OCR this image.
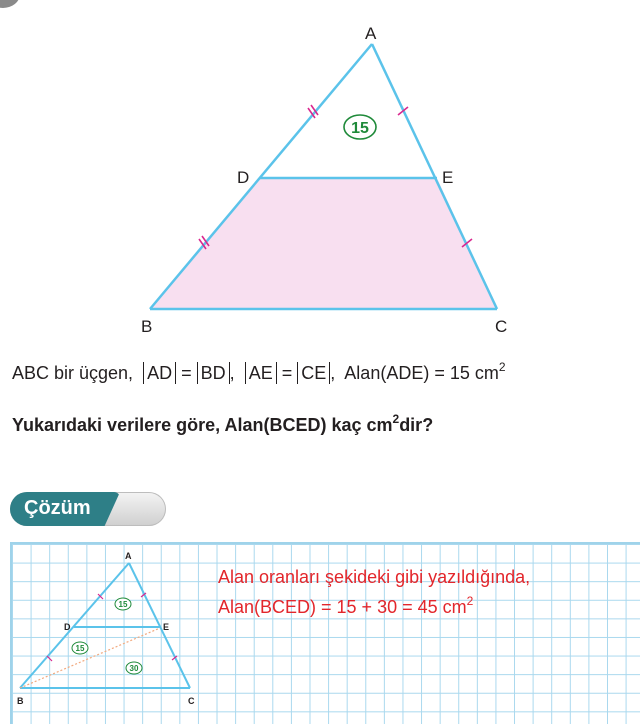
15
A
B	C
D	E
ABC bir üçgen, AD = BD , AE = CE , Alan(ADE) = 15 $cm^2$
Yukarıdaki verilere göre, Alan(BCED) kaç $cm^2dir$?
Çözüm
15
15
30
A
B	C
D	E
Alan oranları şekideki gibi yazıldığında,
Alan(BCED) = 15 + 30 = 45 $cm^2$
